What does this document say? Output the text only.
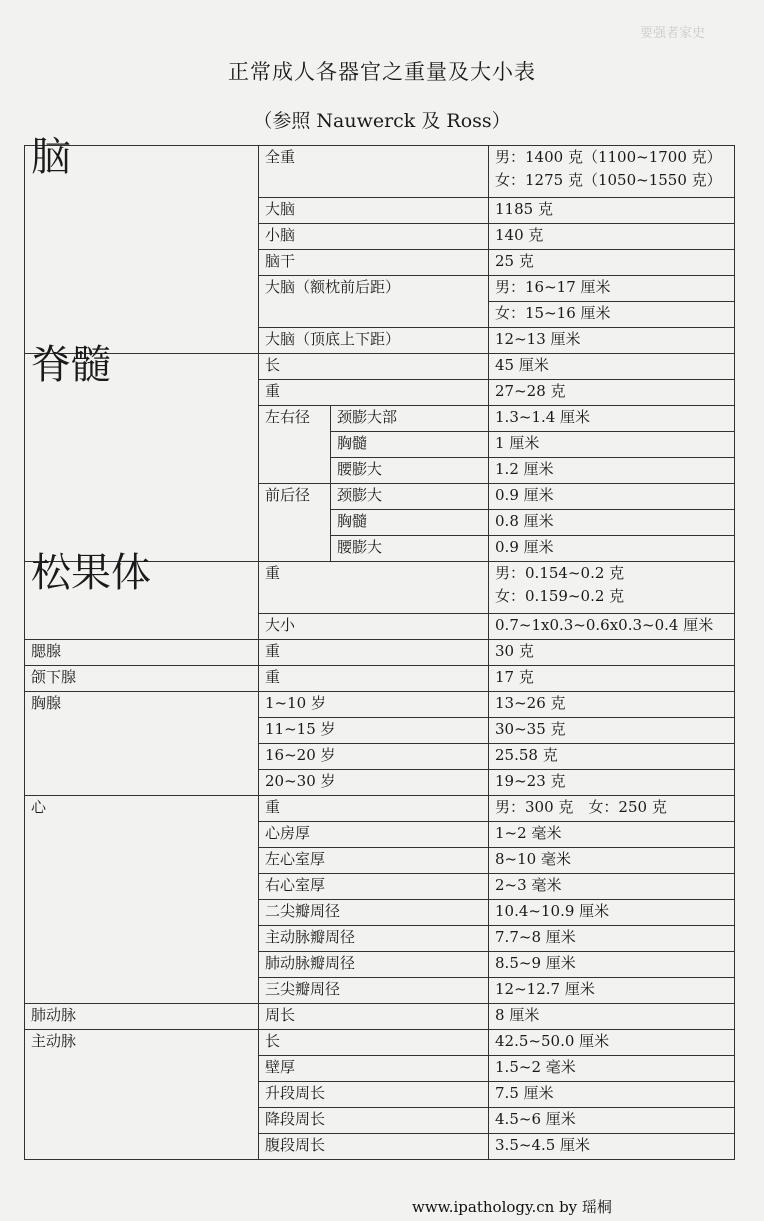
要强者家史
正常成人各器官之重量及大小表
（参照 Nauwerck 及 Ross）
脑	全重		男：1400 克（1100~1700 克）
女：1275 克（1050~1550 克）

	大脑		1185 克
	小脑		140 克
	脑干		25 克
	大脑（额枕前后距）		男：16~17 厘米
			女：15~16 厘米
	大脑（顶底上下距）		12~13 厘米
脊髓	长		45 厘米
	重		27~28 克
	左右径	颈膨大部	1.3~1.4 厘米
		胸髓	1 厘米
		腰膨大	1.2 厘米
	前后径	颈膨大	0.9 厘米
		胸髓	0.8 厘米
		腰膨大	0.9 厘米
松果体	重		男：0.154~0.2 克
女：0.159~0.2 克

	大小		0.7~1x0.3~0.6x0.3~0.4 厘米
腮腺	重		30 克
颌下腺	重		17 克
胸腺	1~10 岁		13~26 克
	11~15 岁		30~35 克
	16~20 岁		25.58 克
	20~30 岁		19~23 克
心	重		男：300 克　女：250 克
	心房厚		1~2 毫米
	左心室厚		8~10 毫米
	右心室厚		2~3 毫米
	二尖瓣周径		10.4~10.9 厘米
	主动脉瓣周径		7.7~8 厘米
	肺动脉瓣周径		8.5~9 厘米
	三尖瓣周径		12~12.7 厘米
肺动脉	周长		8 厘米
主动脉	长		42.5~50.0 厘米
	壁厚		1.5~2 毫米
	升段周长		7.5 厘米
	降段周长		4.5~6 厘米
	腹段周长		3.5~4.5 厘米
www.ipathology.cn by 瑶桐
